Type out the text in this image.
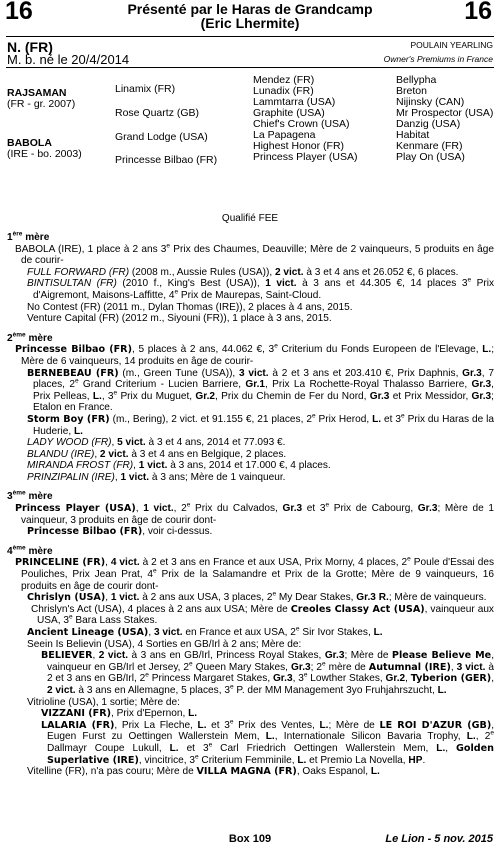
16	16
Présenté par le Haras de Grandcamp
(Eric Lhermite)
N. (FR)
M. b. né le 20/4/2014
POULAIN YEARLING
Owner's Premiums in France
RAJSAMAN
(FR - gr. 2007)
BABOLA
(IRE - bo. 2003)
Linamix (FR)
Rose Quartz (GB)
Grand Lodge (USA)
Princesse Bilbao (FR)
Mendez (FR)
Lunadix (FR)
Lammtarra (USA)
Graphite (USA)
Chief's Crown (USA)
La Papagena
Highest Honor (FR)
Princess Player (USA)
Bellypha
Breton
Nijinsky (CAN)
Mr Prospector (USA)
Danzig (USA)
Habitat
Kenmare (FR)
Play On (USA)
Qualifié FEE

1ère mère

BABOLA (IRE), 1 place à 2 ans 3e Prix des Chaumes, Deauville; Mère de 2 vainqueurs, 5 produits en âge de courir-

FULL FORWARD (FR) (2008 m., Aussie Rules (USA)), 2 vict. à 3 et 4 ans et 26.052 €, 6 places.

BINTISULTAN (FR) (2010 f., King's Best (USA)), 1 vict. à 3 ans et 44.305 €, 14 places 3e Prix d'Aigremont, Maisons-Laffitte, 4e Prix de Maurepas, Saint-Cloud.

No Contest (FR) (2011 m., Dylan Thomas (IRE)), 2 places à 4 ans, 2015.

Venture Capital (FR) (2012 m., Siyouni (FR)), 1 place à 3 ans, 2015.

2ème mère

Princesse Bilbao (FR), 5 places à 2 ans, 44.062 €, 3e Criterium du Fonds Europeen de l'Elevage, L.; Mère de 6 vainqueurs, 14 produits en âge de courir-

BERNEBEAU (FR) (m., Green Tune (USA)), 3 vict. à 2 et 3 ans et 203.410 €, Prix Daphnis, Gr.3, 7 places, 2e Grand Criterium - Lucien Barriere, Gr.1, Prix La Rochette-Royal Thalasso Barriere, Gr.3, Prix Pelleas, L., 3e Prix du Muguet, Gr.2, Prix du Chemin de Fer du Nord, Gr.3 et Prix Messidor, Gr.3; Etalon en France.

Storm Boy (FR) (m., Bering), 2 vict. et 91.155 €, 21 places, 2e Prix Herod, L. et 3e Prix du Haras de la Huderie, L.

LADY WOOD (FR), 5 vict. à 3 et 4 ans, 2014 et 77.093 €.

BLANDU (IRE), 2 vict. à 3 et 4 ans en Belgique, 2 places.

MIRANDA FROST (FR), 1 vict. à 3 ans, 2014 et 17.000 €, 4 places.

PRINZIPALIN (IRE), 1 vict. à 3 ans; Mère de 1 vainqueur.

3ème mère

Princess Player (USA), 1 vict., 2e Prix du Calvados, Gr.3 et 3e Prix de Cabourg, Gr.3; Mère de 1 vainqueur, 3 produits en âge de courir dont-

Princesse Bilbao (FR), voir ci-dessus.

4ème mère

PRINCELINE (FR), 4 vict. à 2 et 3 ans en France et aux USA, Prix Morny, 4 places, 2e Poule d'Essai des Pouliches, Prix Jean Prat, 4e Prix de la Salamandre et Prix de la Grotte; Mère de 9 vainqueurs, 16 produits en âge de courir dont-

Chrislyn (USA), 1 vict. à 2 ans aux USA, 3 places, 2e My Dear Stakes, Gr.3 R.; Mère de vainqueurs.

Chrislyn's Act (USA), 4 places à 2 ans aux USA; Mère de Creoles Classy Act (USA), vainqueur aux USA, 3e Bara Lass Stakes.

Ancient Lineage (USA), 3 vict. en France et aux USA, 2e Sir Ivor Stakes, L.

Seein Is Believin (USA), 4 Sorties en GB/Irl à 2 ans; Mère de:

BELIEVER, 2 vict. à 3 ans en GB/Irl, Princess Royal Stakes, Gr.3; Mère de Please Believe Me, vainqueur en GB/Irl et Jersey, 2e Queen Mary Stakes, Gr.3; 2e mère de Autumnal (IRE), 3 vict. à 2 et 3 ans en GB/Irl, 2e Princess Margaret Stakes, Gr.3, 3e Lowther Stakes, Gr.2, Tyberion (GER), 2 vict. à 3 ans en Allemagne, 5 places, 3e P. der MM Management 3yo Fruhjahrszucht, L.

Vitrioline (USA), 1 sortie; Mère de:

VIZZANI (FR), Prix d'Epernon, L.

LALARIA (FR), Prix La Fleche, L. et 3e Prix des Ventes, L.; Mère de LE ROI D'AZUR (GB), Eugen Furst zu Oettingen Wallerstein Mem, L., Internationale Silicon Bavaria Trophy, L., 2e Dallmayr Coupe Lukull, L. et 3e Carl Friedrich Oettingen Wallerstein Mem, L., Golden Superlative (IRE), vincitrice, 3e Criterium Femminile, L. et Premio La Novella, HP.

Vitelline (FR), n'a pas couru; Mère de VILLA MAGNA (FR), Oaks Espanol, L.

Box 109	Le Lion - 5 nov. 2015
